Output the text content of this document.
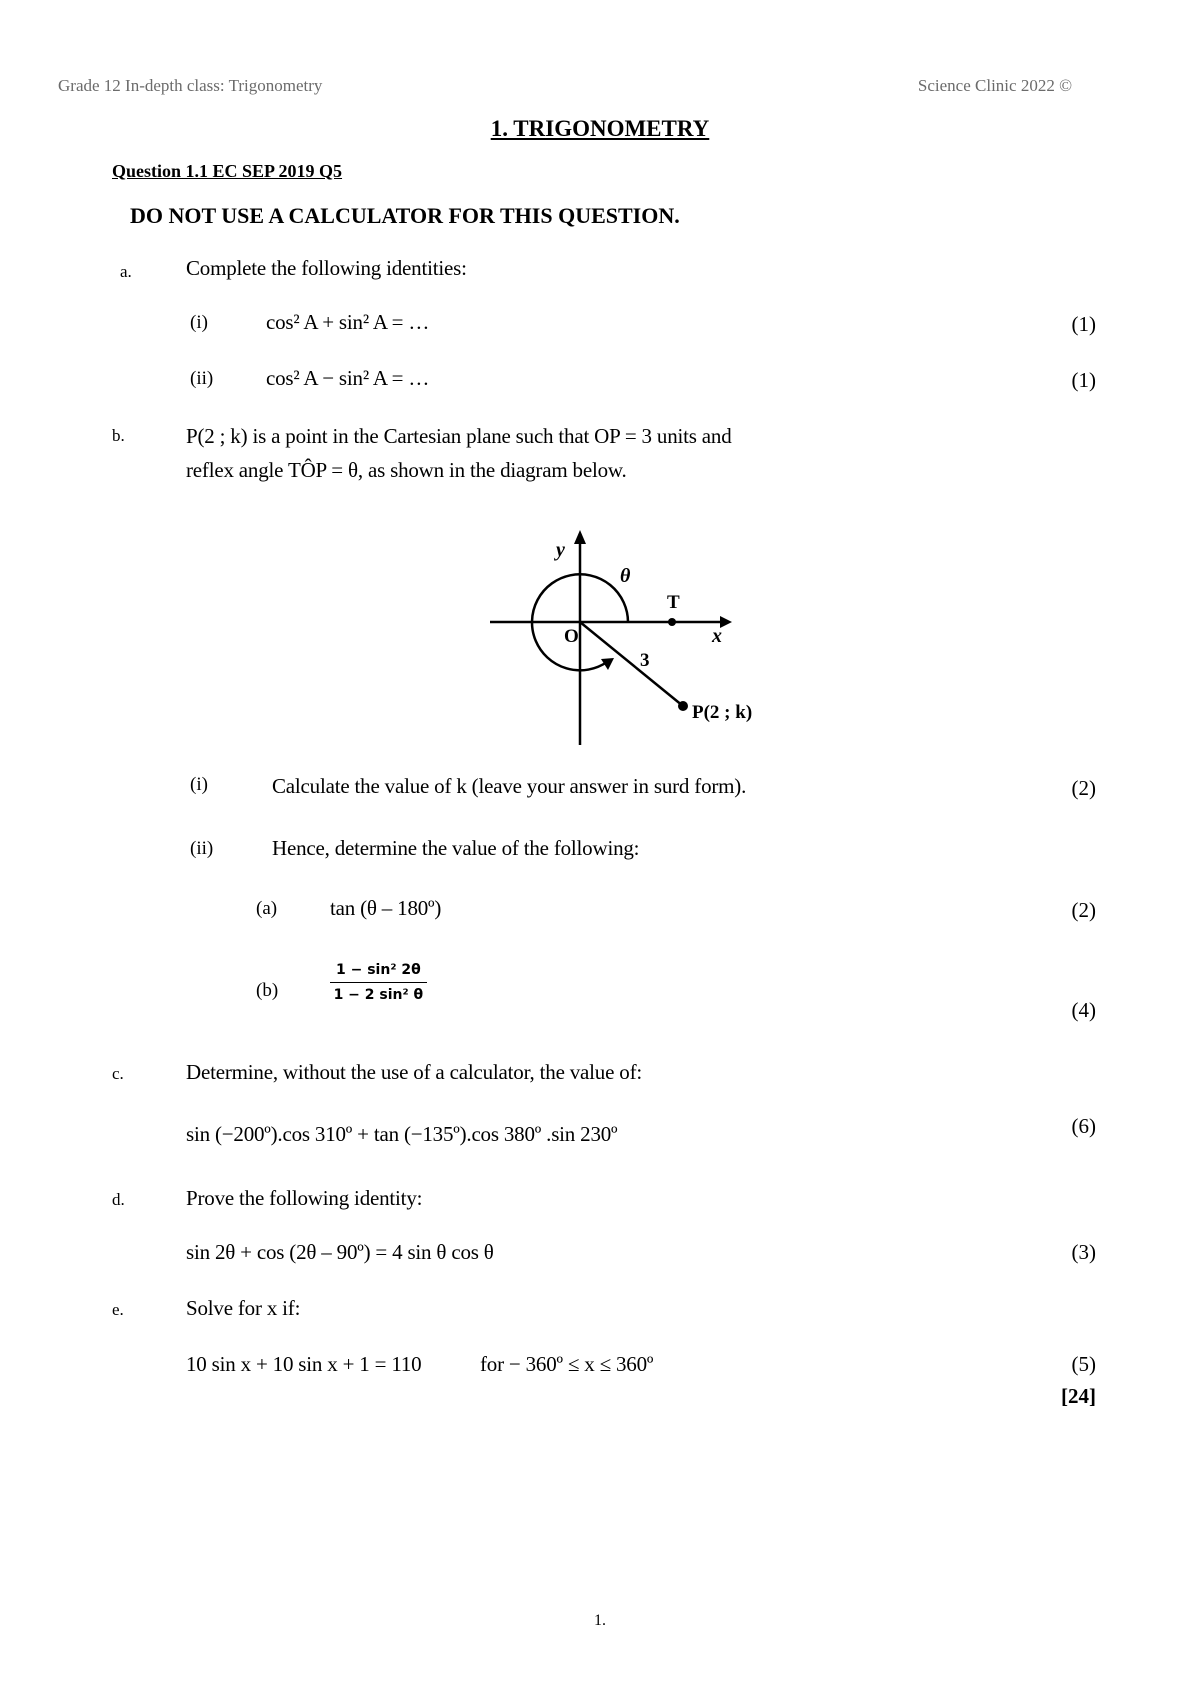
Grade 12 In-depth class: Trigonometry	Science Clinic 2022 ©
1. TRIGONOMETRY
Question 1.1 EC SEP 2019 Q5
DO NOT USE A CALCULATOR FOR THIS QUESTION.
a.	Complete the following identities:
(i)	cos² A + sin² A = …	(1)
(ii)	cos² A − sin² A = …	(1)
b.	P(2 ; k) is a point in the Cartesian plane such that OP = 3 units and
reflex angle TÔP = θ, as shown in the diagram below.
y
x
O
θ
T
3
P(2 ; k)
(i)	Calculate the value of k (leave your answer in surd form).	(2)
(ii)	Hence, determine the value of the following:
(a)	tan (θ – 180º)	(2)
(b)	$\frac{\text{1 − sin² 2θ}}{\text{1 − 2 sin² θ}}$
(4)
c.	Determine, without the use of a calculator, the value of:
sin (−200º).cos 310º + tan (−135º).cos 380º .sin 230º	(6)
d.	Prove the following identity:
sin 2θ + cos (2θ – 90º) = 4 sin θ cos θ	(3)
e.	Solve for x if:
10 sin x + 10 sin x + 1 = 110	for − 360º ≤ x ≤ 360º	(5)
[24]
1.
